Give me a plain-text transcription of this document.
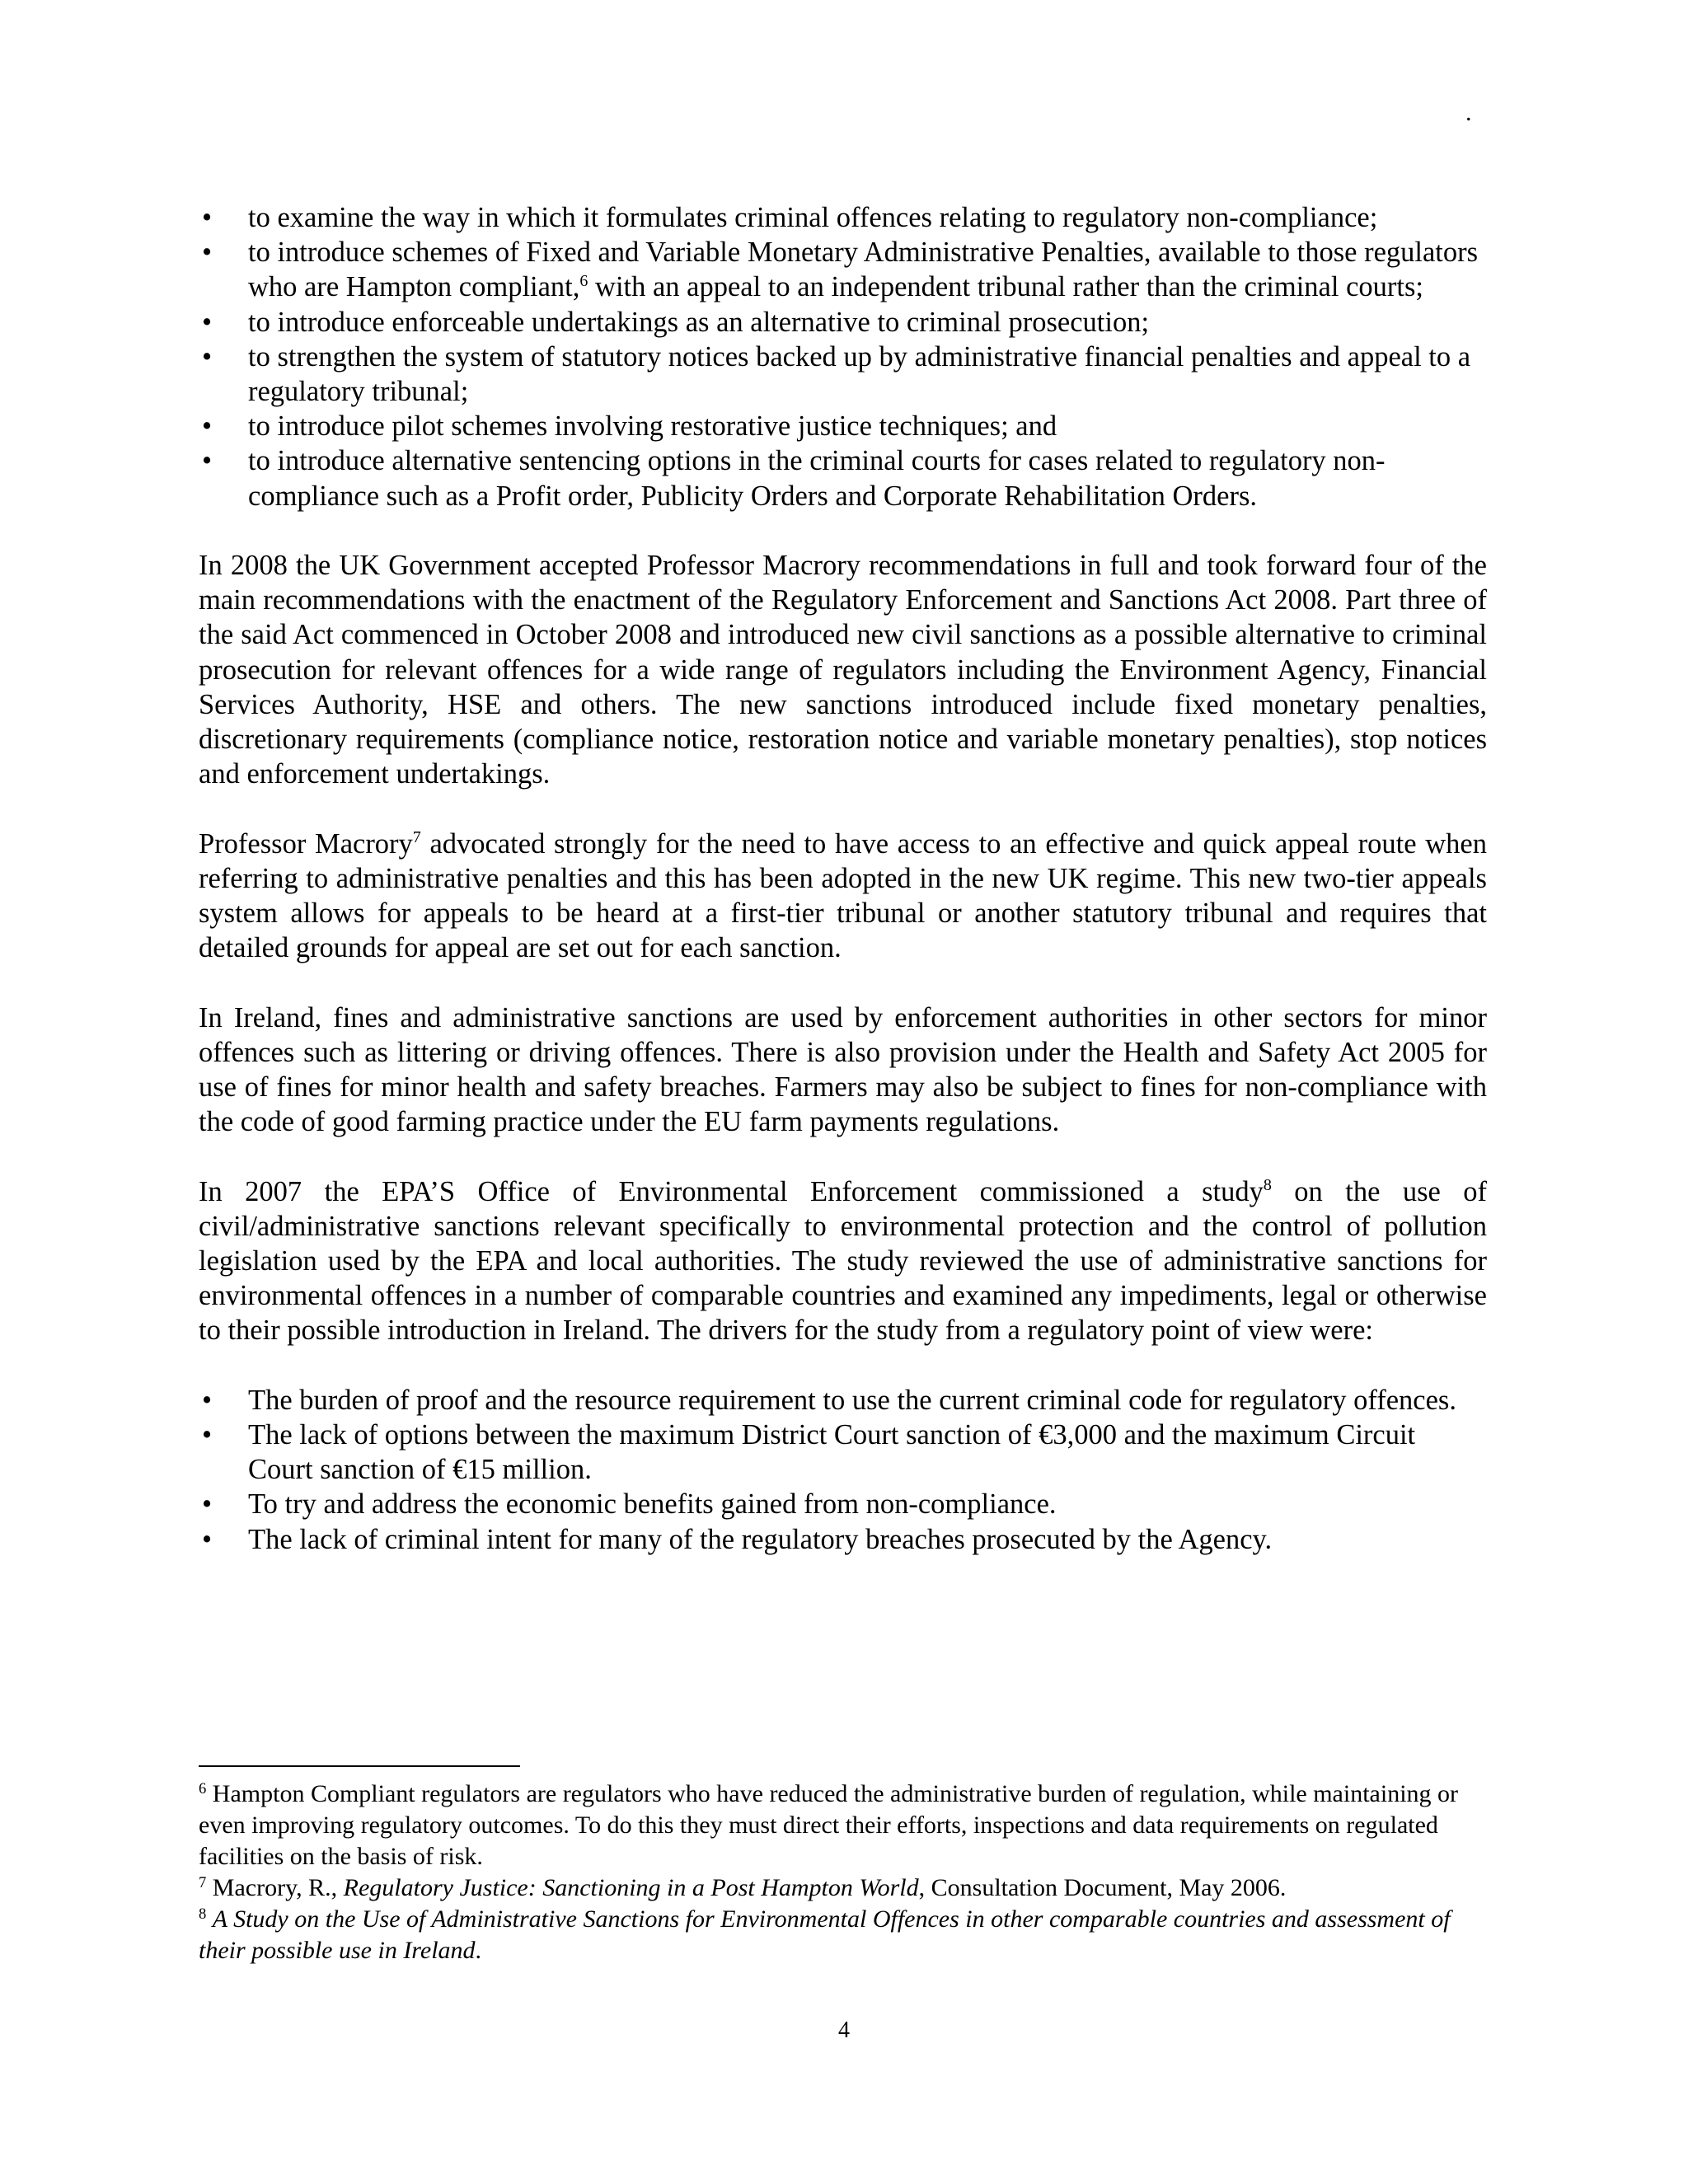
.
• to examine the way in which it formulates criminal offences relating to regulatory non-compliance;
• to introduce schemes of Fixed and Variable Monetary Administrative Penalties, available to those regulators who are Hampton compliant,$^6$ with an appeal to an independent tribunal rather than the criminal courts;
• to introduce enforceable undertakings as an alternative to criminal prosecution;
• to strengthen the system of statutory notices backed up by administrative financial penalties and appeal to a regulatory tribunal;
• to introduce pilot schemes involving restorative justice techniques; and
• to introduce alternative sentencing options in the criminal courts for cases related to regulatory non-compliance such as a Profit order, Publicity Orders and Corporate Rehabilitation Orders.

In 2008 the UK Government accepted Professor Macrory recommendations in full and took forward four of the main recommendations with the enactment of the Regulatory Enforcement and Sanctions Act 2008. Part three of the said Act commenced in October 2008 and introduced new civil sanctions as a possible alternative to criminal prosecution for relevant offences for a wide range of regulators including the Environment Agency, Financial Services Authority, HSE and others. The new sanctions introduced include fixed monetary penalties, discretionary requirements (compliance notice, restoration notice and variable monetary penalties), stop notices and enforcement undertakings.

Professor Macrory$^7$ advocated strongly for the need to have access to an effective and quick appeal route when referring to administrative penalties and this has been adopted in the new UK regime. This new two-tier appeals system allows for appeals to be heard at a first-tier tribunal or another statutory tribunal and requires that detailed grounds for appeal are set out for each sanction.

In Ireland, fines and administrative sanctions are used by enforcement authorities in other sectors for minor offences such as littering or driving offences. There is also provision under the Health and Safety Act 2005 for use of fines for minor health and safety breaches. Farmers may also be subject to fines for non-compliance with the code of good farming practice under the EU farm payments regulations.

In 2007 the EPA’S Office of Environmental Enforcement commissioned a study$^8$ on the use of civil/administrative sanctions relevant specifically to environmental protection and the control of pollution legislation used by the EPA and local authorities. The study reviewed the use of administrative sanctions for environmental offences in a number of comparable countries and examined any impediments, legal or otherwise to their possible introduction in Ireland. The drivers for the study from a regulatory point of view were:

• The burden of proof and the resource requirement to use the current criminal code for regulatory offences.
• The lack of options between the maximum District Court sanction of €3,000 and the maximum Circuit Court sanction of €15 million.
• To try and address the economic benefits gained from non-compliance.
• The lack of criminal intent for many of the regulatory breaches prosecuted by the Agency.

$^6$ Hampton Compliant regulators are regulators who have reduced the administrative burden of regulation, while maintaining or even improving regulatory outcomes. To do this they must direct their efforts, inspections and data requirements on regulated facilities on the basis of risk.

$^7$ Macrory, R., Regulatory Justice: Sanctioning in a Post Hampton World, Consultation Document, May 2006.

$^8$ A Study on the Use of Administrative Sanctions for Environmental Offences in other comparable countries and assessment of their possible use in Ireland.

4
